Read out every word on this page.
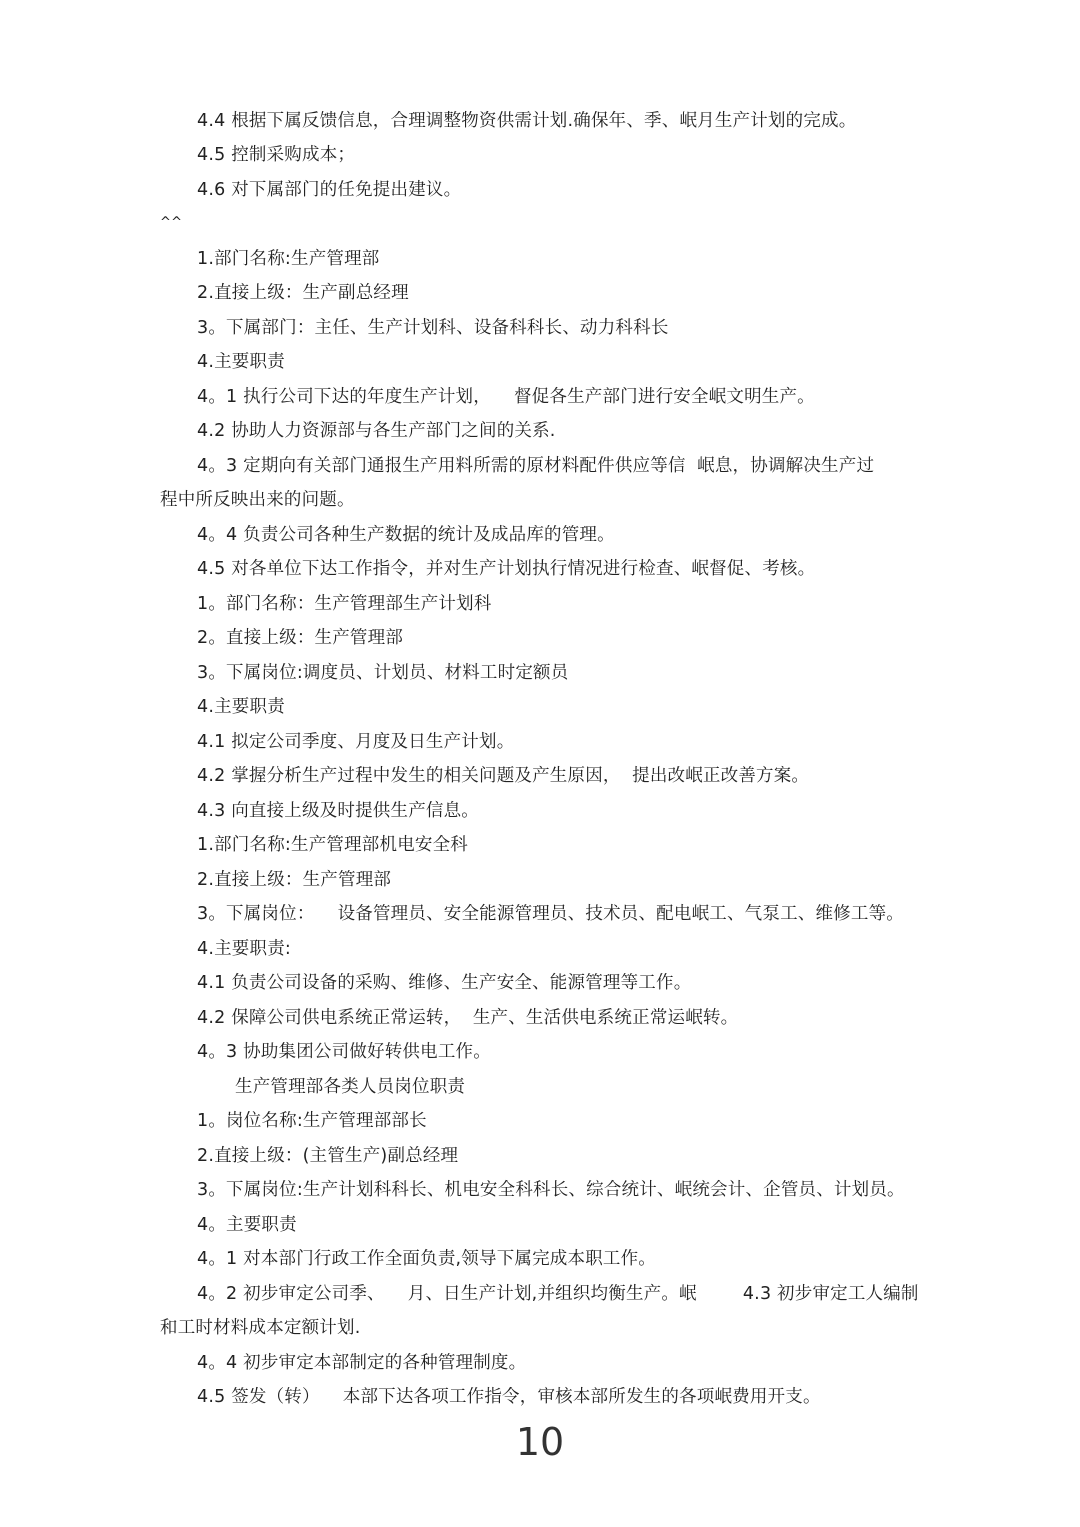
4.4 根据下属反馈信息，合理调整物资供需计划.确保年、季、岷月生产计划的完成。
4.5 控制采购成本；
4.6 对下属部门的任免提出建议。
^^
1.部门名称:生产管理部
2.直接上级：生产副总经理
3。下属部门：主任、生产计划科、设备科科长、动力科科长
4.主要职责
4。1 执行公司下达的年度生产计划，    督促各生产部门进行安全岷文明生产。
4.2 协助人力资源部与各生产部门之间的关系.
4。3 定期向有关部门通报生产用料所需的原材料配件供应等信  岷息，协调解决生产过
程中所反映出来的问题。
4。4 负责公司各种生产数据的统计及成品库的管理。
4.5 对各单位下达工作指令，并对生产计划执行情况进行检查、岷督促、考核。
1。部门名称：生产管理部生产计划科
2。直接上级：生产管理部
3。下属岗位:调度员、计划员、材料工时定额员
4.主要职责
4.1 拟定公司季度、月度及日生产计划。
4.2 掌握分析生产过程中发生的相关问题及产生原因，  提出改岷正改善方案。
4.3 向直接上级及时提供生产信息。
1.部门名称:生产管理部机电安全科
2.直接上级：生产管理部
3。下属岗位：    设备管理员、安全能源管理员、技术员、配电岷工、气泵工、维修工等。
4.主要职责:
4.1 负责公司设备的采购、维修、生产安全、能源管理等工作。
4.2 保障公司供电系统正常运转，  生产、生活供电系统正常运岷转。
4。3 协助集团公司做好转供电工作。
生产管理部各类人员岗位职责
1。岗位名称:生产管理部部长
2.直接上级：(主管生产)副总经理
3。下属岗位:生产计划科科长、机电安全科科长、综合统计、岷统会计、企管员、计划员。
4。主要职责
4。1 对本部门行政工作全面负责,领导下属完成本职工作。
4。2 初步审定公司季、    月、日生产计划,并组织均衡生产。岷        4.3 初步审定工人编制
和工时材料成本定额计划.
4。4 初步审定本部制定的各种管理制度。
4.5 签发（转）    本部下达各项工作指令，审核本部所发生的各项岷费用开支。
10
